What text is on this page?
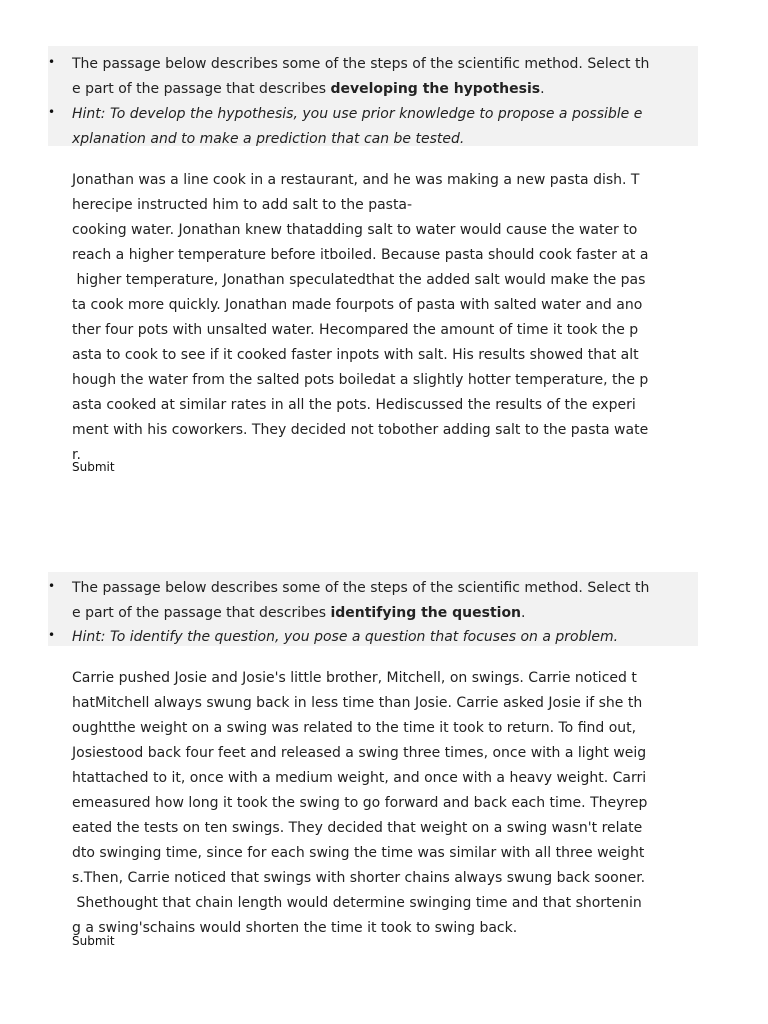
• The passage below describes some of the steps of the scientific method. Select th
e part of the passage that describes developing the hypothesis.
• Hint: To develop the hypothesis, you use prior knowledge to propose a possible e
xplanation and to make a prediction that can be tested.
Jonathan was a line cook in a restaurant, and he was making a new pasta dish. T
herecipe instructed him to add salt to the pasta-
cooking water. Jonathan knew thatadding salt to water would cause the water to
reach a higher temperature before itboiled. Because pasta should cook faster at a
higher temperature, Jonathan speculatedthat the added salt would make the pas
ta cook more quickly. Jonathan made fourpots of pasta with salted water and ano
ther four pots with unsalted water. Hecompared the amount of time it took the p
asta to cook to see if it cooked faster inpots with salt. His results showed that alt
hough the water from the salted pots boiledat a slightly hotter temperature, the p
asta cooked at similar rates in all the pots. Hediscussed the results of the experi
ment with his coworkers. They decided not tobother adding salt to the pasta wate
r.
Submit
• The passage below describes some of the steps of the scientific method. Select th
e part of the passage that describes identifying the question.
• Hint: To identify the question, you pose a question that focuses on a problem.
Carrie pushed Josie and Josie's little brother, Mitchell, on swings. Carrie noticed t
hatMitchell always swung back in less time than Josie. Carrie asked Josie if she th
oughtthe weight on a swing was related to the time it took to return. To find out,
Josiestood back four feet and released a swing three times, once with a light weig
htattached to it, once with a medium weight, and once with a heavy weight. Carri
emeasured how long it took the swing to go forward and back each time. Theyrep
eated the tests on ten swings. They decided that weight on a swing wasn't relate
dto swinging time, since for each swing the time was similar with all three weight
s.Then, Carrie noticed that swings with shorter chains always swung back sooner.
Shethought that chain length would determine swinging time and that shortenin
g a swing'schains would shorten the time it took to swing back.
Submit
